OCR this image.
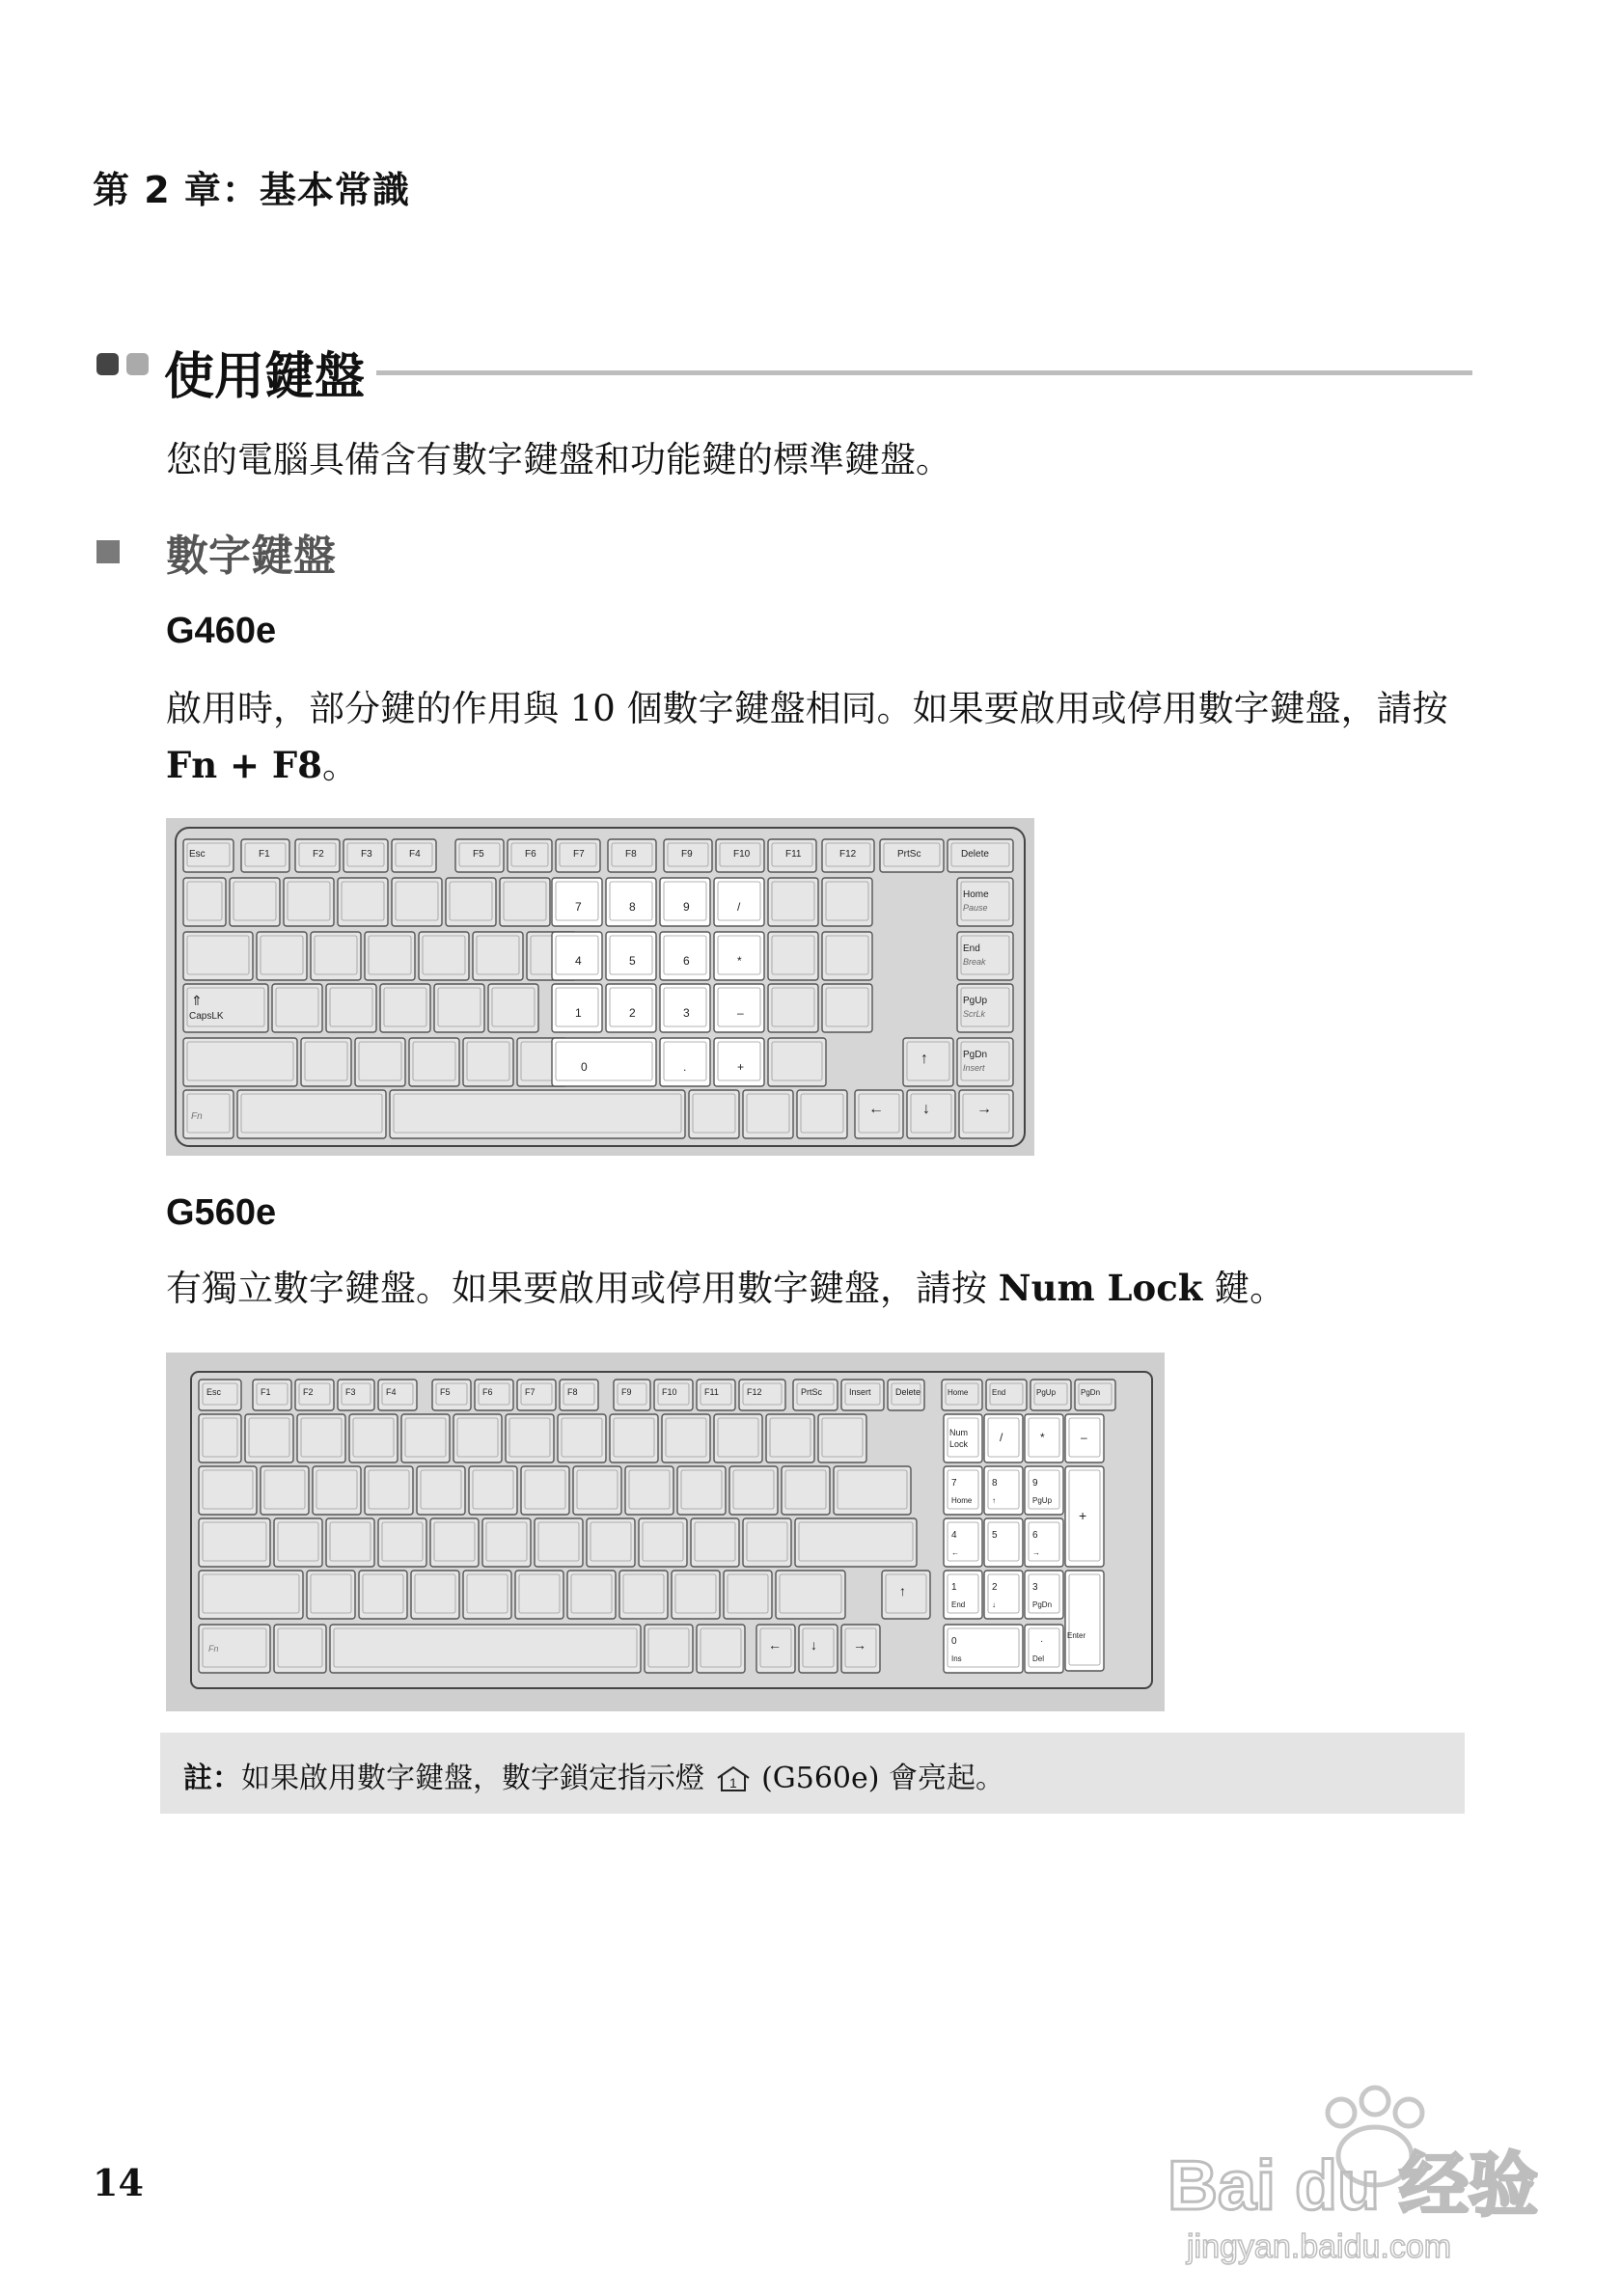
第 2 章：基本常識
使用鍵盤
您的電腦具備含有數字鍵盤和功能鍵的標準鍵盤。
數字鍵盤
G460e
啟用時，部分鍵的作用與 10 個數字鍵盤相同。如果要啟用或停用數字鍵盤，請按 Fn + F8。
Esc	F1	F2	F3	F4	F5	F6	F7	F8	F9	F10	F11	F12	PrtSc	Delete
⇑
CapsLK
7	8	9	/
4	5	6	*
1	2	3	–
0	.	+
Home
Pause
End
Break
PgUp
ScrLk
PgDn
Insert
↑
Fn	←	↓	→
G560e
有獨立數字鍵盤。如果要啟用或停用數字鍵盤，請按 Num Lock 鍵。
Esc	F1	F2	F3	F4	F5	F6	F7	F8	F9	F10	F11	F12	PrtSc	Insert	Delete	Home	End	PgUp	PgDn
↑
Fn	← ↓	→
Num
Lock	/	*	–
7
Home
8
↑
9
PgUp
4
←
5	6
→
1
End
2
↓
3
PgDn
+
Enter
0
Ins
·
Del
註：如果啟用數字鍵盤，數字鎖定指示燈 1 (G560e) 會亮起。
14	Bai du 经验
jingyan.baidu.com
